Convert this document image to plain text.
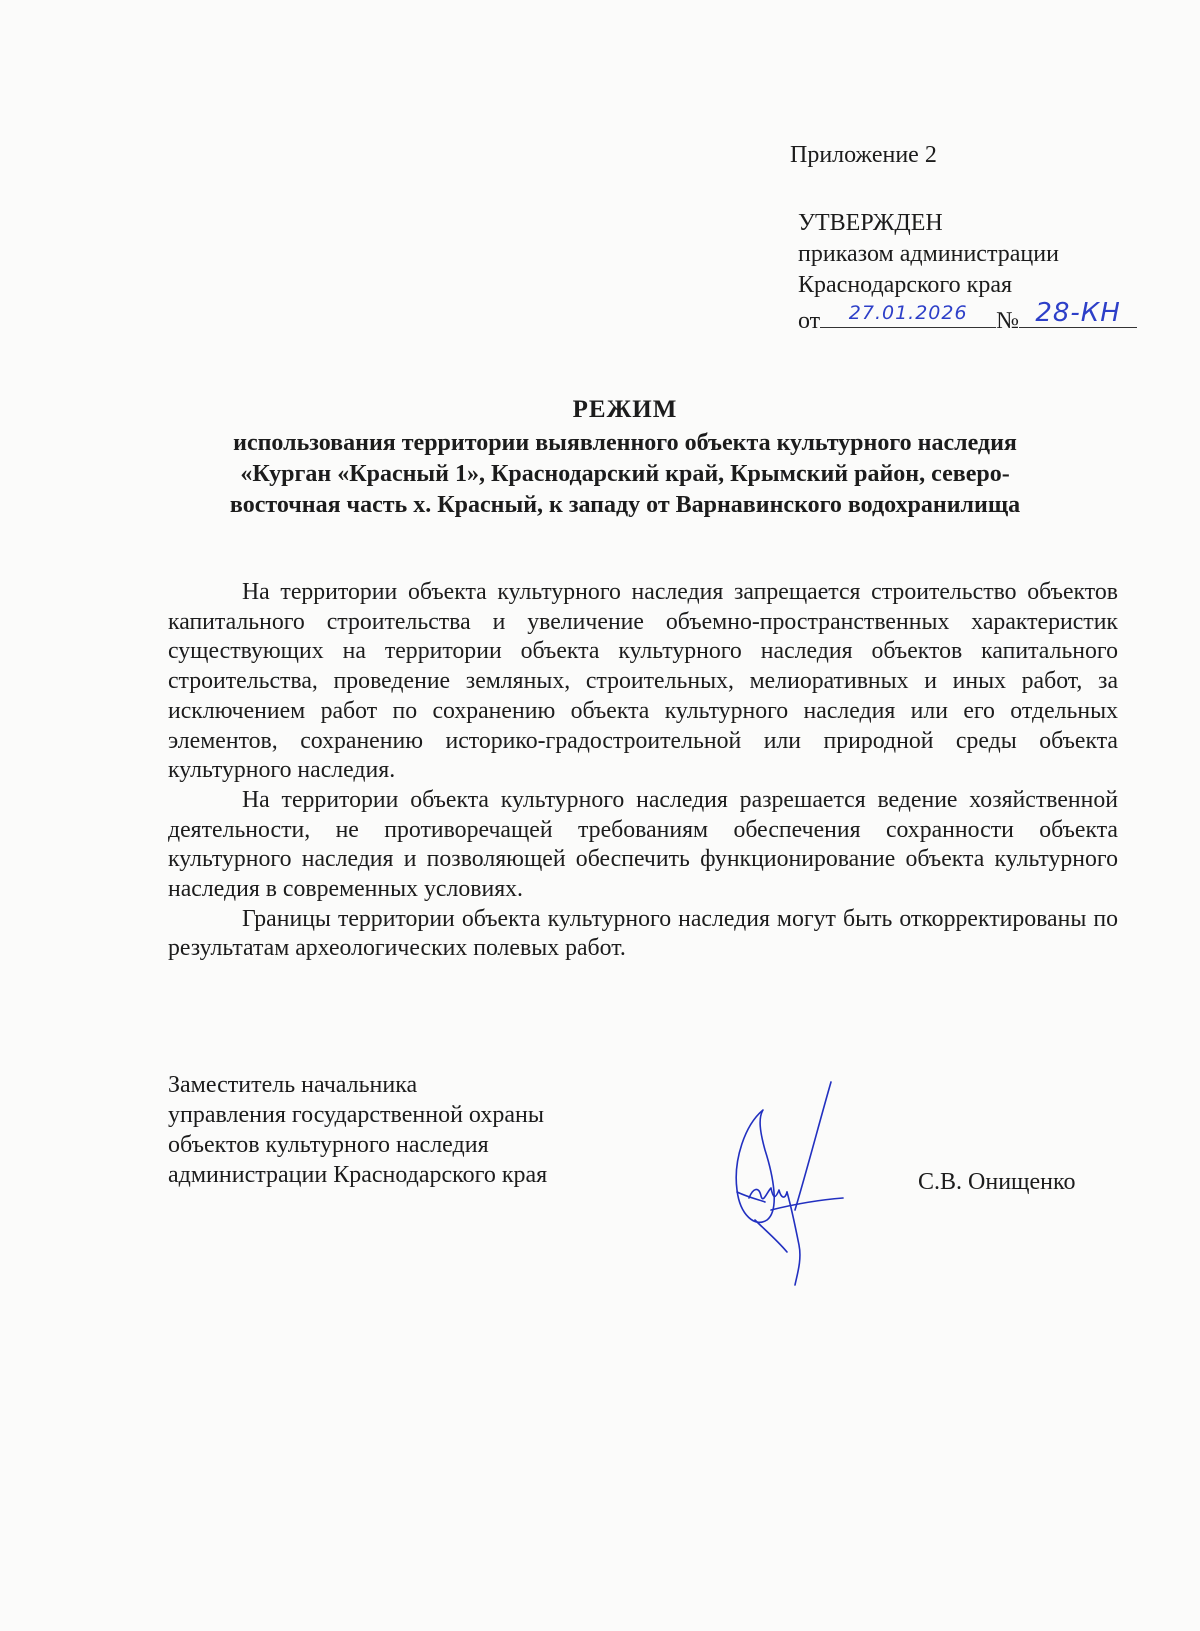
Приложение 2
УТВЕРЖДЕН
приказом администрации
Краснодарского края
от	27.01.2026	№ 28-КН
РЕЖИМ
использования территории выявленного объекта культурного наследия
«Курган «Красный 1», Краснодарский край, Крымский район, северо-
восточная часть х. Красный, к западу от Варнавинского водохранилища

На территории объекта культурного наследия запрещается строительство объектов капитального строительства и увеличение объемно-пространственных характеристик существующих на территории объекта культурного наследия объектов капитального строительства, проведение земляных, строительных, мелиоративных и иных работ, за исключением работ по сохранению объекта культурного наследия или его отдельных элементов, сохранению историко-градостроительной или природной среды объекта культурного наследия.

На территории объекта культурного наследия разрешается ведение хозяйственной деятельности, не противоречащей требованиям обеспечения сохранности объекта культурного наследия и позволяющей обеспечить функционирование объекта культурного наследия в современных условиях.

Границы территории объекта культурного наследия могут быть откорректированы по результатам археологических полевых работ.

Заместитель начальника
управления государственной охраны
объектов культурного наследия
администрации Краснодарского края	С.В. Онищенко
